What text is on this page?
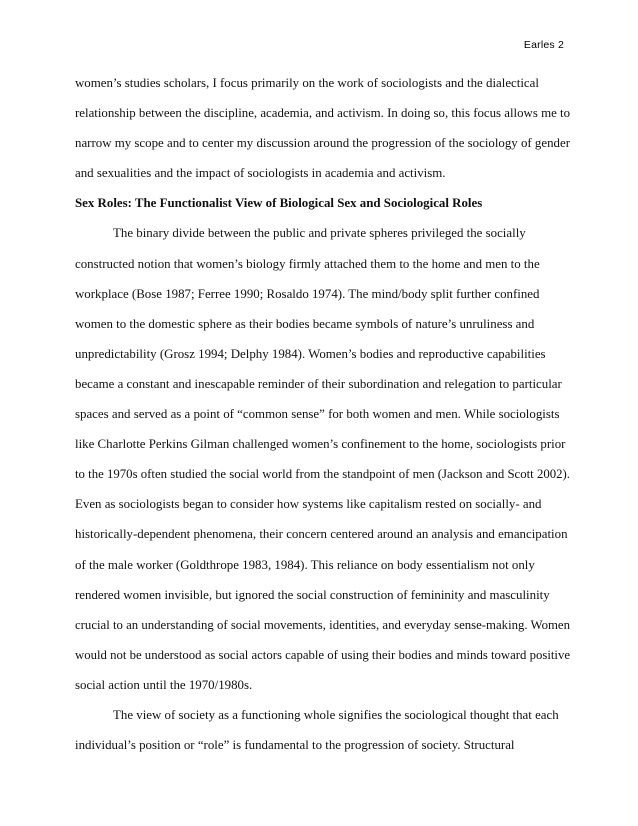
Earles 2
women’s studies scholars, I focus primarily on the work of sociologists and the dialectical
relationship between the discipline, academia, and activism. In doing so, this focus allows me to
narrow my scope and to center my discussion around the progression of the sociology of gender
and sexualities and the impact of sociologists in academia and activism.
Sex Roles: The Functionalist View of Biological Sex and Sociological Roles
The binary divide between the public and private spheres privileged the socially
constructed notion that women’s biology firmly attached them to the home and men to the
workplace (Bose 1987; Ferree 1990; Rosaldo 1974). The mind/body split further confined
women to the domestic sphere as their bodies became symbols of nature’s unruliness and
unpredictability (Grosz 1994; Delphy 1984). Women’s bodies and reproductive capabilities
became a constant and inescapable reminder of their subordination and relegation to particular
spaces and served as a point of “common sense” for both women and men. While sociologists
like Charlotte Perkins Gilman challenged women’s confinement to the home, sociologists prior
to the 1970s often studied the social world from the standpoint of men (Jackson and Scott 2002).
Even as sociologists began to consider how systems like capitalism rested on socially- and
historically-dependent phenomena, their concern centered around an analysis and emancipation
of the male worker (Goldthrope 1983, 1984). This reliance on body essentialism not only
rendered women invisible, but ignored the social construction of femininity and masculinity
crucial to an understanding of social movements, identities, and everyday sense-making. Women
would not be understood as social actors capable of using their bodies and minds toward positive
social action until the 1970/1980s.
The view of society as a functioning whole signifies the sociological thought that each
individual’s position or “role” is fundamental to the progression of society. Structural
